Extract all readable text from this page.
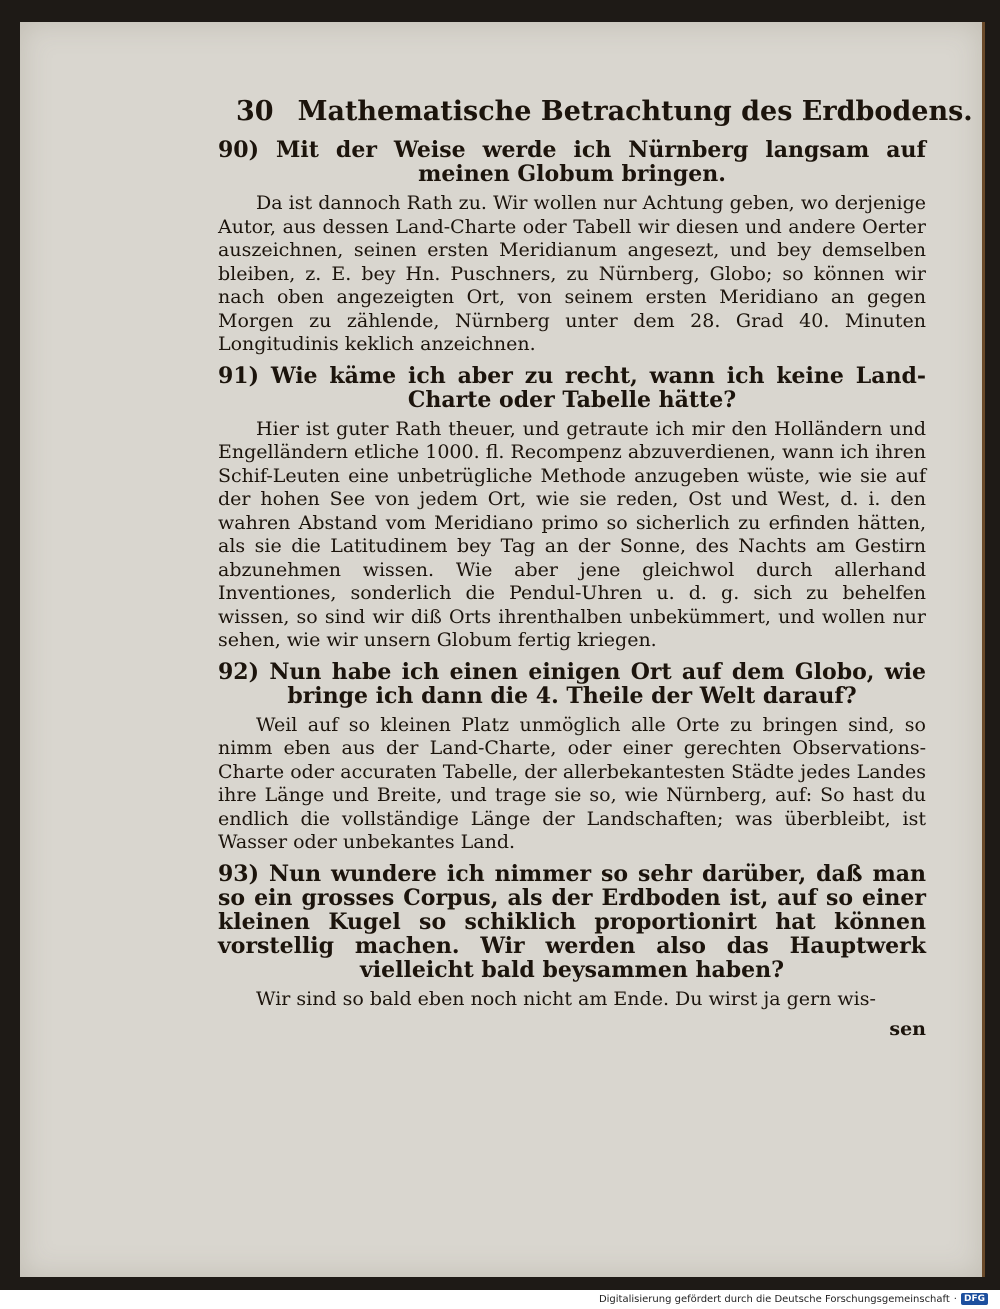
30 Mathematische Betrachtung des Erdbodens.

90) Mit der Weise werde ich Nürnberg langsam auf meinen Globum bringen.

Da ist dannoch Rath zu. Wir wollen nur Achtung geben, wo derjenige Autor, aus dessen Land-Charte oder Tabell wir diesen und andere Oerter auszeichnen, seinen ersten Meridianum angesezt, und bey demselben bleiben, z. E. bey Hn. Puschners, zu Nürnberg, Globo; so können wir nach oben angezeigten Ort, von seinem ersten Meridiano an gegen Morgen zu zählende, Nürnberg unter dem 28. Grad 40. Minuten Longitudinis keklich anzeichnen.

91) Wie käme ich aber zu recht, wann ich keine Land-Charte oder Tabelle hätte?

Hier ist guter Rath theuer, und getraute ich mir den Holländern und Engelländern etliche 1000. fl. Recompenz abzuverdienen, wann ich ihren Schif-Leuten eine unbetrügliche Methode anzugeben wüste, wie sie auf der hohen See von jedem Ort, wie sie reden, Ost und West, d. i. den wahren Abstand vom Meridiano primo so sicherlich zu erfinden hätten, als sie die Latitudinem bey Tag an der Sonne, des Nachts am Gestirn abzunehmen wissen. Wie aber jene gleichwol durch allerhand Inventiones, sonderlich die Pendul-Uhren u. d. g. sich zu behelfen wissen, so sind wir diß Orts ihrenthalben unbekümmert, und wollen nur sehen, wie wir unsern Globum fertig kriegen.

92) Nun habe ich einen einigen Ort auf dem Globo, wie bringe ich dann die 4. Theile der Welt darauf?

Weil auf so kleinen Platz unmöglich alle Orte zu bringen sind, so nimm eben aus der Land-Charte, oder einer gerechten Observations-Charte oder accuraten Tabelle, der allerbekantesten Städte jedes Landes ihre Länge und Breite, und trage sie so, wie Nürnberg, auf: So hast du endlich die vollständige Länge der Landschaften; was überbleibt, ist Wasser oder unbekantes Land.

93) Nun wundere ich nimmer so sehr darüber, daß man so ein grosses Corpus, als der Erdboden ist, auf so einer kleinen Kugel so schiklich proportionirt hat können vorstellig machen. Wir werden also das Hauptwerk vielleicht bald beysammen haben?

Wir sind so bald eben noch nicht am Ende. Du wirst ja gern wis-

sen

Digitalisierung gefördert durch die Deutsche Forschungsgemeinschaft · DFG
